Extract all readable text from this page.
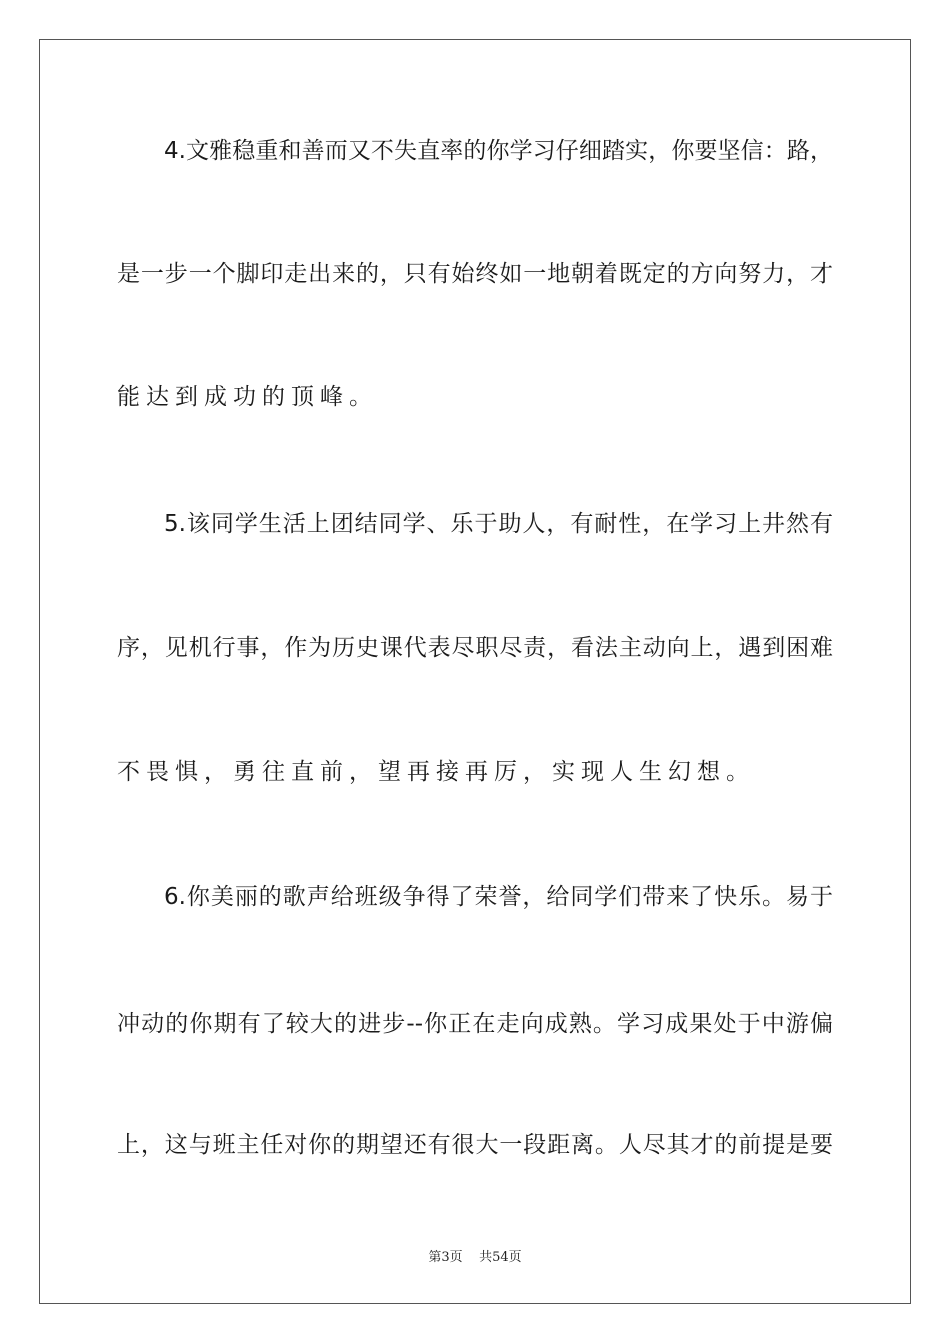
4.文雅稳重和善而又不失直率的你学习仔细踏实，你要坚信：路，
是一步一个脚印走出来的，只有始终如一地朝着既定的方向努力，才
能达到成功的顶峰。
5.该同学生活上团结同学、乐于助人，有耐性，在学习上井然有
序，见机行事，作为历史课代表尽职尽责，看法主动向上，遇到困难
不畏惧，勇往直前，望再接再厉，实现人生幻想。
6.你美丽的歌声给班级争得了荣誉，给同学们带来了快乐。易于
冲动的你期有了较大的进步--你正在走向成熟。学习成果处于中游偏
上，这与班主任对你的期望还有很大一段距离。人尽其才的前提是要
第3页 共54页
